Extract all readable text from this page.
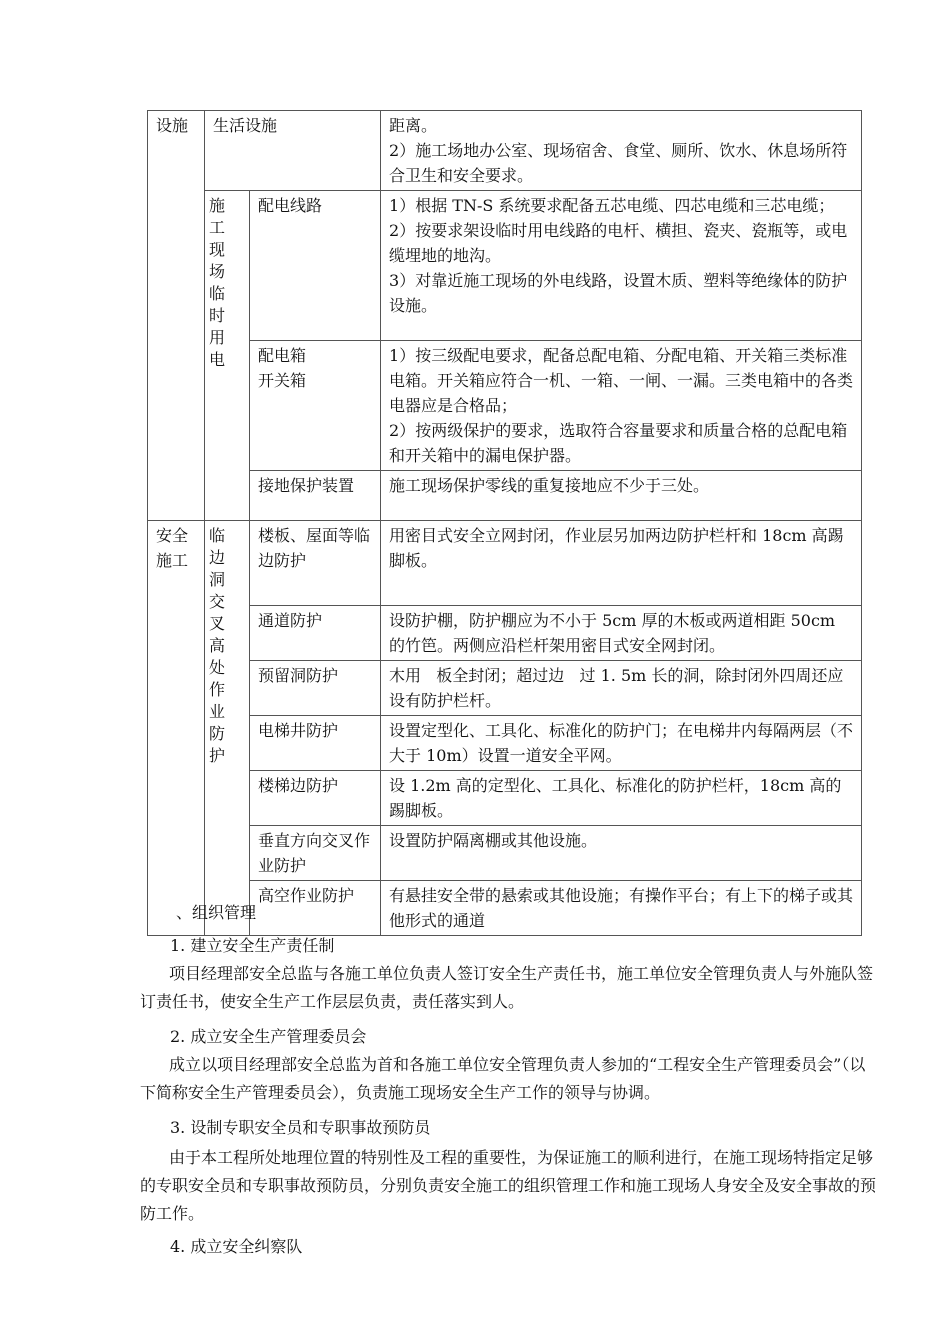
设施	生活设施		距离。
2）施工场地办公室、现场宿舍、食堂、厕所、饮水、休息场所符合卫生和安全要求。

	施工现场临时用电	配电线路	1）根据 TN-S 系统要求配备五芯电缆、四芯电缆和三芯电缆；
2）按要求架设临时用电线路的电杆、横担、瓷夹、瓷瓶等，或电缆埋地的地沟。
3）对靠近施工现场的外电线路，设置木质、塑料等绝缘体的防护设施。

		配电箱
开关箱	1）按三级配电要求，配备总配电箱、分配电箱、开关箱三类标准电箱。开关箱应符合一机、一箱、一闸、一漏。三类电箱中的各类电器应是合格品；
2）按两级保护的要求，选取符合容量要求和质量合格的总配电箱和开关箱中的漏电保护器。

		接地保护装置	施工现场保护零线的重复接地应不少于三处。

安全
施工	临边洞交叉高处作业防护	楼板、屋面等临边防护	用密目式安全立网封闭，作业层另加两边防护栏杆和 18cm 高踢脚板。

		通道防护	设防护棚，防护棚应为不小于 5cm 厚的木板或两道相距 50cm 的竹笆。两侧应沿栏杆架用密目式安全网封闭。

		预留洞防护	木用   板全封闭；超过边   过 1. 5m 长的洞，除封闭外四周还应设有防护栏杆。

		电梯井防护	设置定型化、工具化、标准化的防护门；在电梯井内每隔两层（不大于 10m）设置一道安全平网。

		楼梯边防护	设 1.2m 高的定型化、工具化、标准化的防护栏杆，18cm 高的踢脚板。

		垂直方向交叉作业防护	设置防护隔离棚或其他设施。

		高空作业防护	有悬挂安全带的悬索或其他设施；有操作平台；有上下的梯子或其他形式的通道

、组织管理

1. 建立安全生产责任制

项目经理部安全总监与各施工单位负责人签订安全生产责任书，施工单位安全管理负责人与外施队签订责任书，使安全生产工作层层负责，责任落实到人。

2. 成立安全生产管理委员会

成立以项目经理部安全总监为首和各施工单位安全管理负责人参加的“工程安全生产管理委员会”（以下简称安全生产管理委员会），负责施工现场安全生产工作的领导与协调。

3. 设制专职安全员和专职事故预防员

由于本工程所处地理位置的特别性及工程的重要性，为保证施工的顺利进行，在施工现场特指定足够的专职安全员和专职事故预防员，分别负责安全施工的组织管理工作和施工现场人身安全及安全事故的预防工作。

4. 成立安全纠察队
